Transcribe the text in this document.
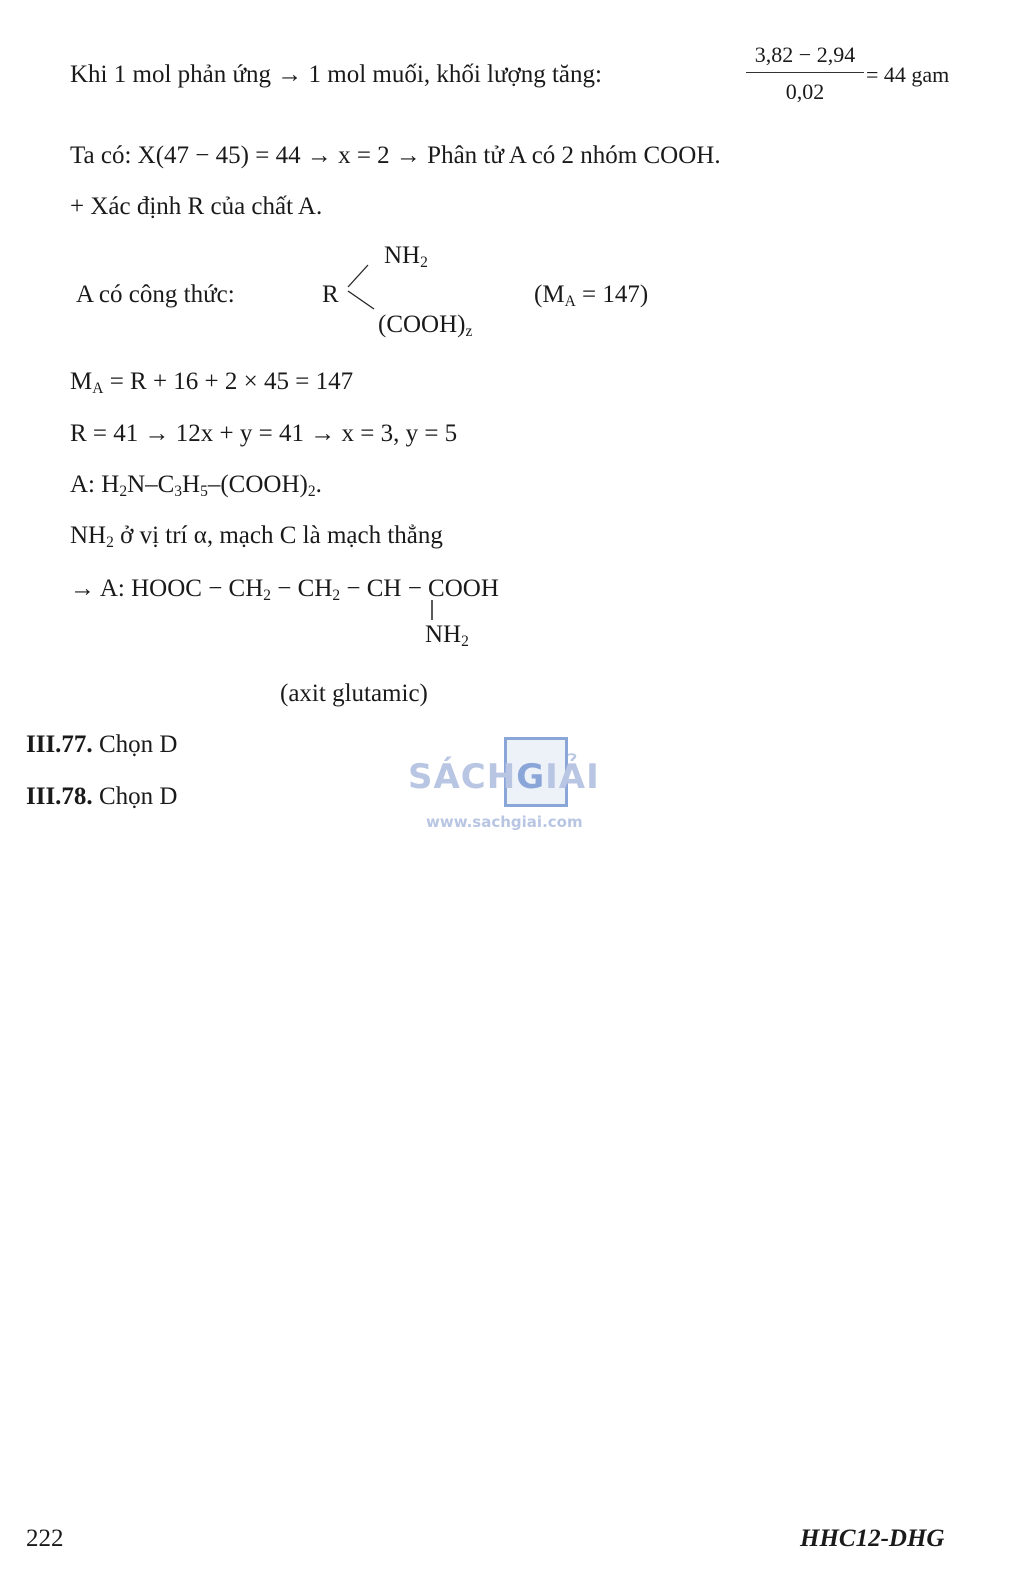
Khi 1 mol phản ứng → 1 mol muối, khối lượng tăng:	$\frac{3,82 - 2,94}{0,02} = 44$ gam
Ta có: X(47 − 45) = 44 → x = 2 → Phân tử A có 2 nhóm COOH.
+ Xác định R của chất A.
A có công thức:	R
$NH_2$
$(COOH)_z$
$(M_A = 147)$
$M_A = R + 16 + 2 \times 45 = 147$
R = 41 → 12x + y = 41 → x = 3, y = 5
A: $H_2N-C_3H_5-(COOH)_2$.
$NH_2$ ở vị trí α, mạch C là mạch thẳng
→ A: HOOC − $CH_2 - CH_2$ − CH − COOH
$NH_2$
(axit glutamic)
III.77. Chọn D
III.78. Chọn D	SÁCHGIẢI
www.sachgiai.com
222	HHC12-DHG
